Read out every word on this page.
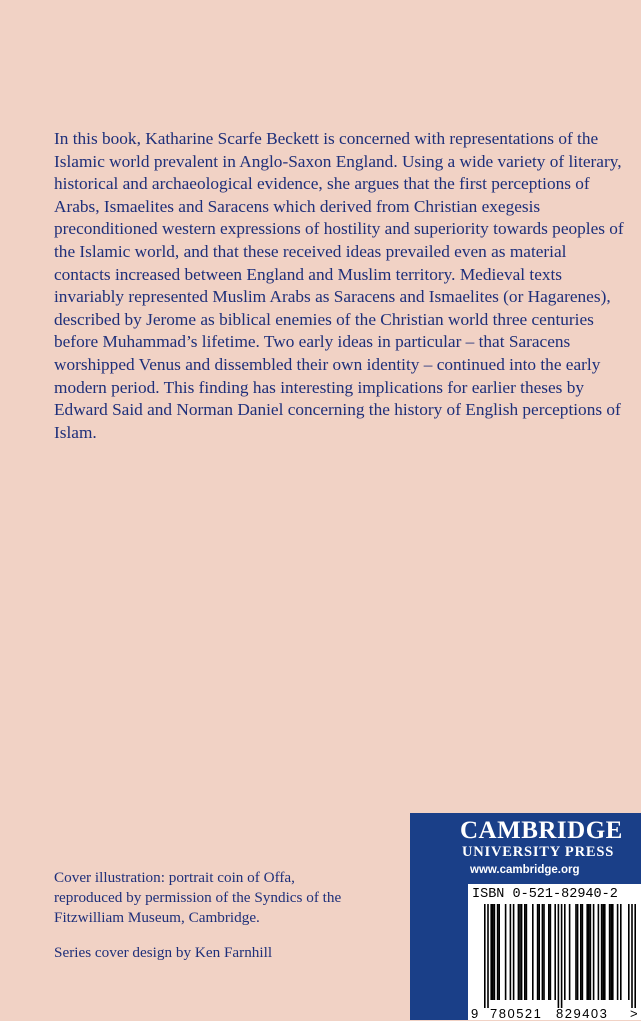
In this book, Katharine Scarfe Beckett is concerned with representations of the Islamic world prevalent in Anglo-Saxon England. Using a wide variety of literary, historical and archaeological evidence, she argues that the first perceptions of Arabs, Ismaelites and Saracens which derived from Christian exegesis preconditioned western expressions of hostility and superiority towards peoples of the Islamic world, and that these received ideas prevailed even as material contacts increased between England and Muslim territory. Medieval texts invariably represented Muslim Arabs as Saracens and Ismaelites (or Hagarenes), described by Jerome as biblical enemies of the Christian world three centuries before Muhammad’s lifetime. Two early ideas in particular – that Saracens worshipped Venus and dissembled their own identity – continued into the early modern period. This finding has interesting implications for earlier theses by Edward Said and Norman Daniel concerning the history of English perceptions of Islam.

Cover illustration: portrait coin of Offa, reproduced by permission of the Syndics of the Fitzwilliam Museum, Cambridge.

Series cover design by Ken Farnhill

CAMBRIDGE
UNIVERSITY PRESS
www.cambridge.org
ISBN 0-521-82940-2
9 780521 829403 >
